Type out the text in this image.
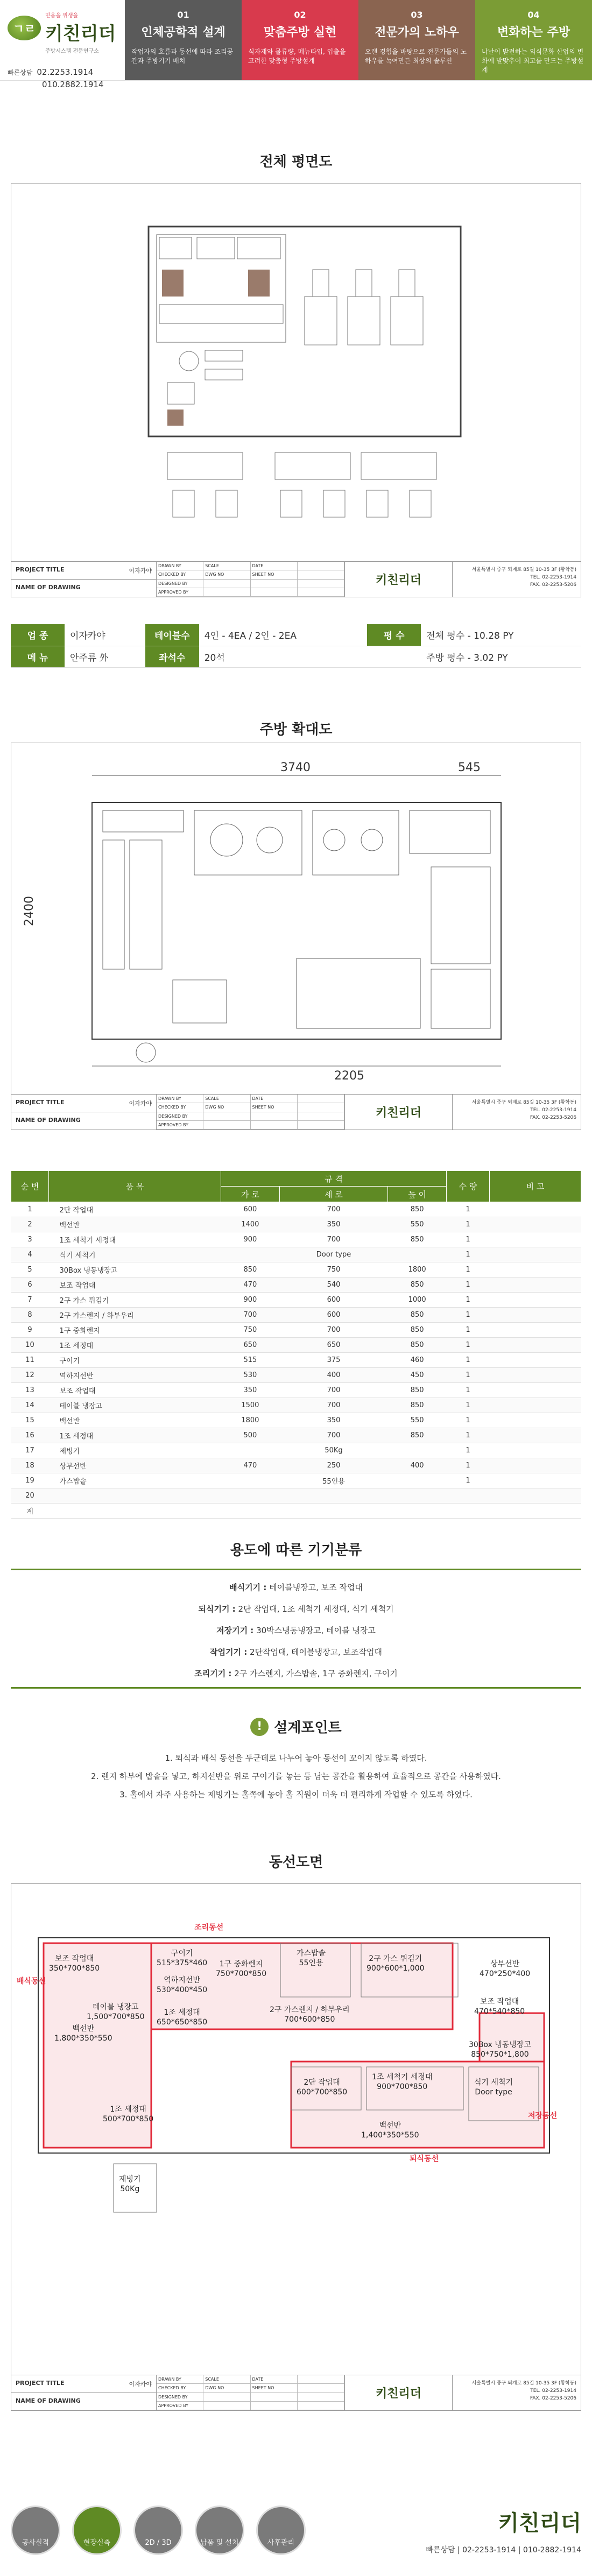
ㄱㄹ
믿음을 위생을
키친리더
주방시스템 전문연구소
빠른상담 02.2253.1914
010.2882.1914
01
인체공학적 설계
작업자의 흐름과 동선에 따라 조리공간과 주방기기 배치
02
맞춤주방 실현
식자재와 물류량, 메뉴타입, 입출을 고려한 맞춤형 주방설계
03
전문가의 노하우
오랜 경험을 바탕으로 전문가들의 노하우를 녹여만든 최상의 솔루션
04
변화하는 주방
나날이 발전하는 외식문화 산업의 변화에 발맞추어 최고를 만드는 주방설계
전체 평면도
PROJECT TITLE	이자카야
NAME OF DRAWING
DRAWN BY	SCALE	DATE
CHECKED BY	DWG NO	SHEET NO
DESIGNED BY
APPROVED BY
키친리더
서울특별시 중구 퇴계로 85길 10-35 3F (황학동)
TEL. 02-2253-1914
FAX. 02-2253-5206
업 종	이자카야	테이블수	4인 - 4EA / 2인 - 2EA	평 수	전체 평수 - 10.28 PY
메 뉴	안주류 外	좌석수	20석		주방 평수 - 3.02 PY
주방 확대도
3740	545
2205
2400
PROJECT TITLE	이자카야
NAME OF DRAWING
DRAWN BY	SCALE	DATE
CHECKED BY	DWG NO	SHEET NO
DESIGNED BY
APPROVED BY
키친리더
서울특별시 중구 퇴계로 85길 10-35 3F (황학동)
TEL. 02-2253-1914
FAX. 02-2253-5206
순 번	품 목	규 격			수 량	비 고
		가 로	세 로	높 이		
1	2단 작업대	600	700	850	1	
2	백선반	1400	350	550	1	
3	1조 세척기 세정대	900	700	850	1	
4	식기 세척기		Door type		1	
5	30Box 냉동냉장고	850	750	1800	1	
6	보조 작업대	470	540	850	1	
7	2구 가스 튀김기	900	600	1000	1	
8	2구 가스렌지 / 하부우리	700	600	850	1	
9	1구 중화렌지	750	700	850	1	
10	1조 세정대	650	650	850	1	
11	구이기	515	375	460	1	
12	역하지선반	530	400	450	1	
13	보조 작업대	350	700	850	1	
14	테이블 냉장고	1500	700	850	1	
15	백선반	1800	350	550	1	
16	1조 세정대	500	700	850	1	
17	제빙기		50Kg		1	
18	상부선반	470	250	400	1	
19	가스밥솥		55인용		1	
20						
계						
용도에 따른 기기분류
배식기기 : 테이블냉장고, 보조 작업대
되식기기 : 2단 작업대, 1조 세척기 세정대, 식기 세척기
저장기기 : 30박스냉동냉장고, 테이블 냉장고
작업기기 : 2단작업대, 테이블냉장고, 보조작업대
조리기기 : 2구 가스렌지, 가스밥솥, 1구 중화렌지, 구이기
! 설계포인트
1. 퇴식과 배식 동선을 두군데로 나누어 놓아 동선이 꼬이지 않도록 하였다.
2. 렌지 하부에 밥솥을 넣고, 하지선반을 위로 구이기를 놓는 등 남는 공간을 활용하여 효율적으로 공간을 사용하였다.
3. 홀에서 자주 사용하는 제빙기는 홀쪽에 놓아 홀 직원이 더욱 더 편리하게 작업할 수 있도록 하였다.
동선도면
조리동선
배식동선
저장동선
퇴식동선
보조 작업대
350*700*850
구이기
515*375*460
역하지선반
530*400*450
1구 중화렌지
750*700*850
가스밥솥
55인용	2구 가스 튀김기
900*600*1,000	상부선반
470*250*400
백선반
1,800*350*550
테이블 냉장고
1,500*700*850	1조 세정대
650*650*850
2구 가스렌지 / 하부우리
700*600*850
보조 작업대
470*540*850
30Box 냉동냉장고
850*750*1,800
1조 세정대
500*700*850
2단 작업대
600*700*850
1조 세척기 세정대
900*700*850	식기 세척기
Door type
백선반
1,400*350*550
제빙기
50Kg
PROJECT TITLE	이자카야
NAME OF DRAWING
DRAWN BY	SCALE	DATE
CHECKED BY	DWG NO	SHEET NO
DESIGNED BY
APPROVED BY
키친리더
서울특별시 중구 퇴계로 85길 10-35 3F (황학동)
TEL. 02-2253-1914
FAX. 02-2253-5206
공사실적	현장실측	2D / 3D	납품 및 설치	사후관리
키친리더
빠른상담 | 02-2253-1914 | 010-2882-1914
